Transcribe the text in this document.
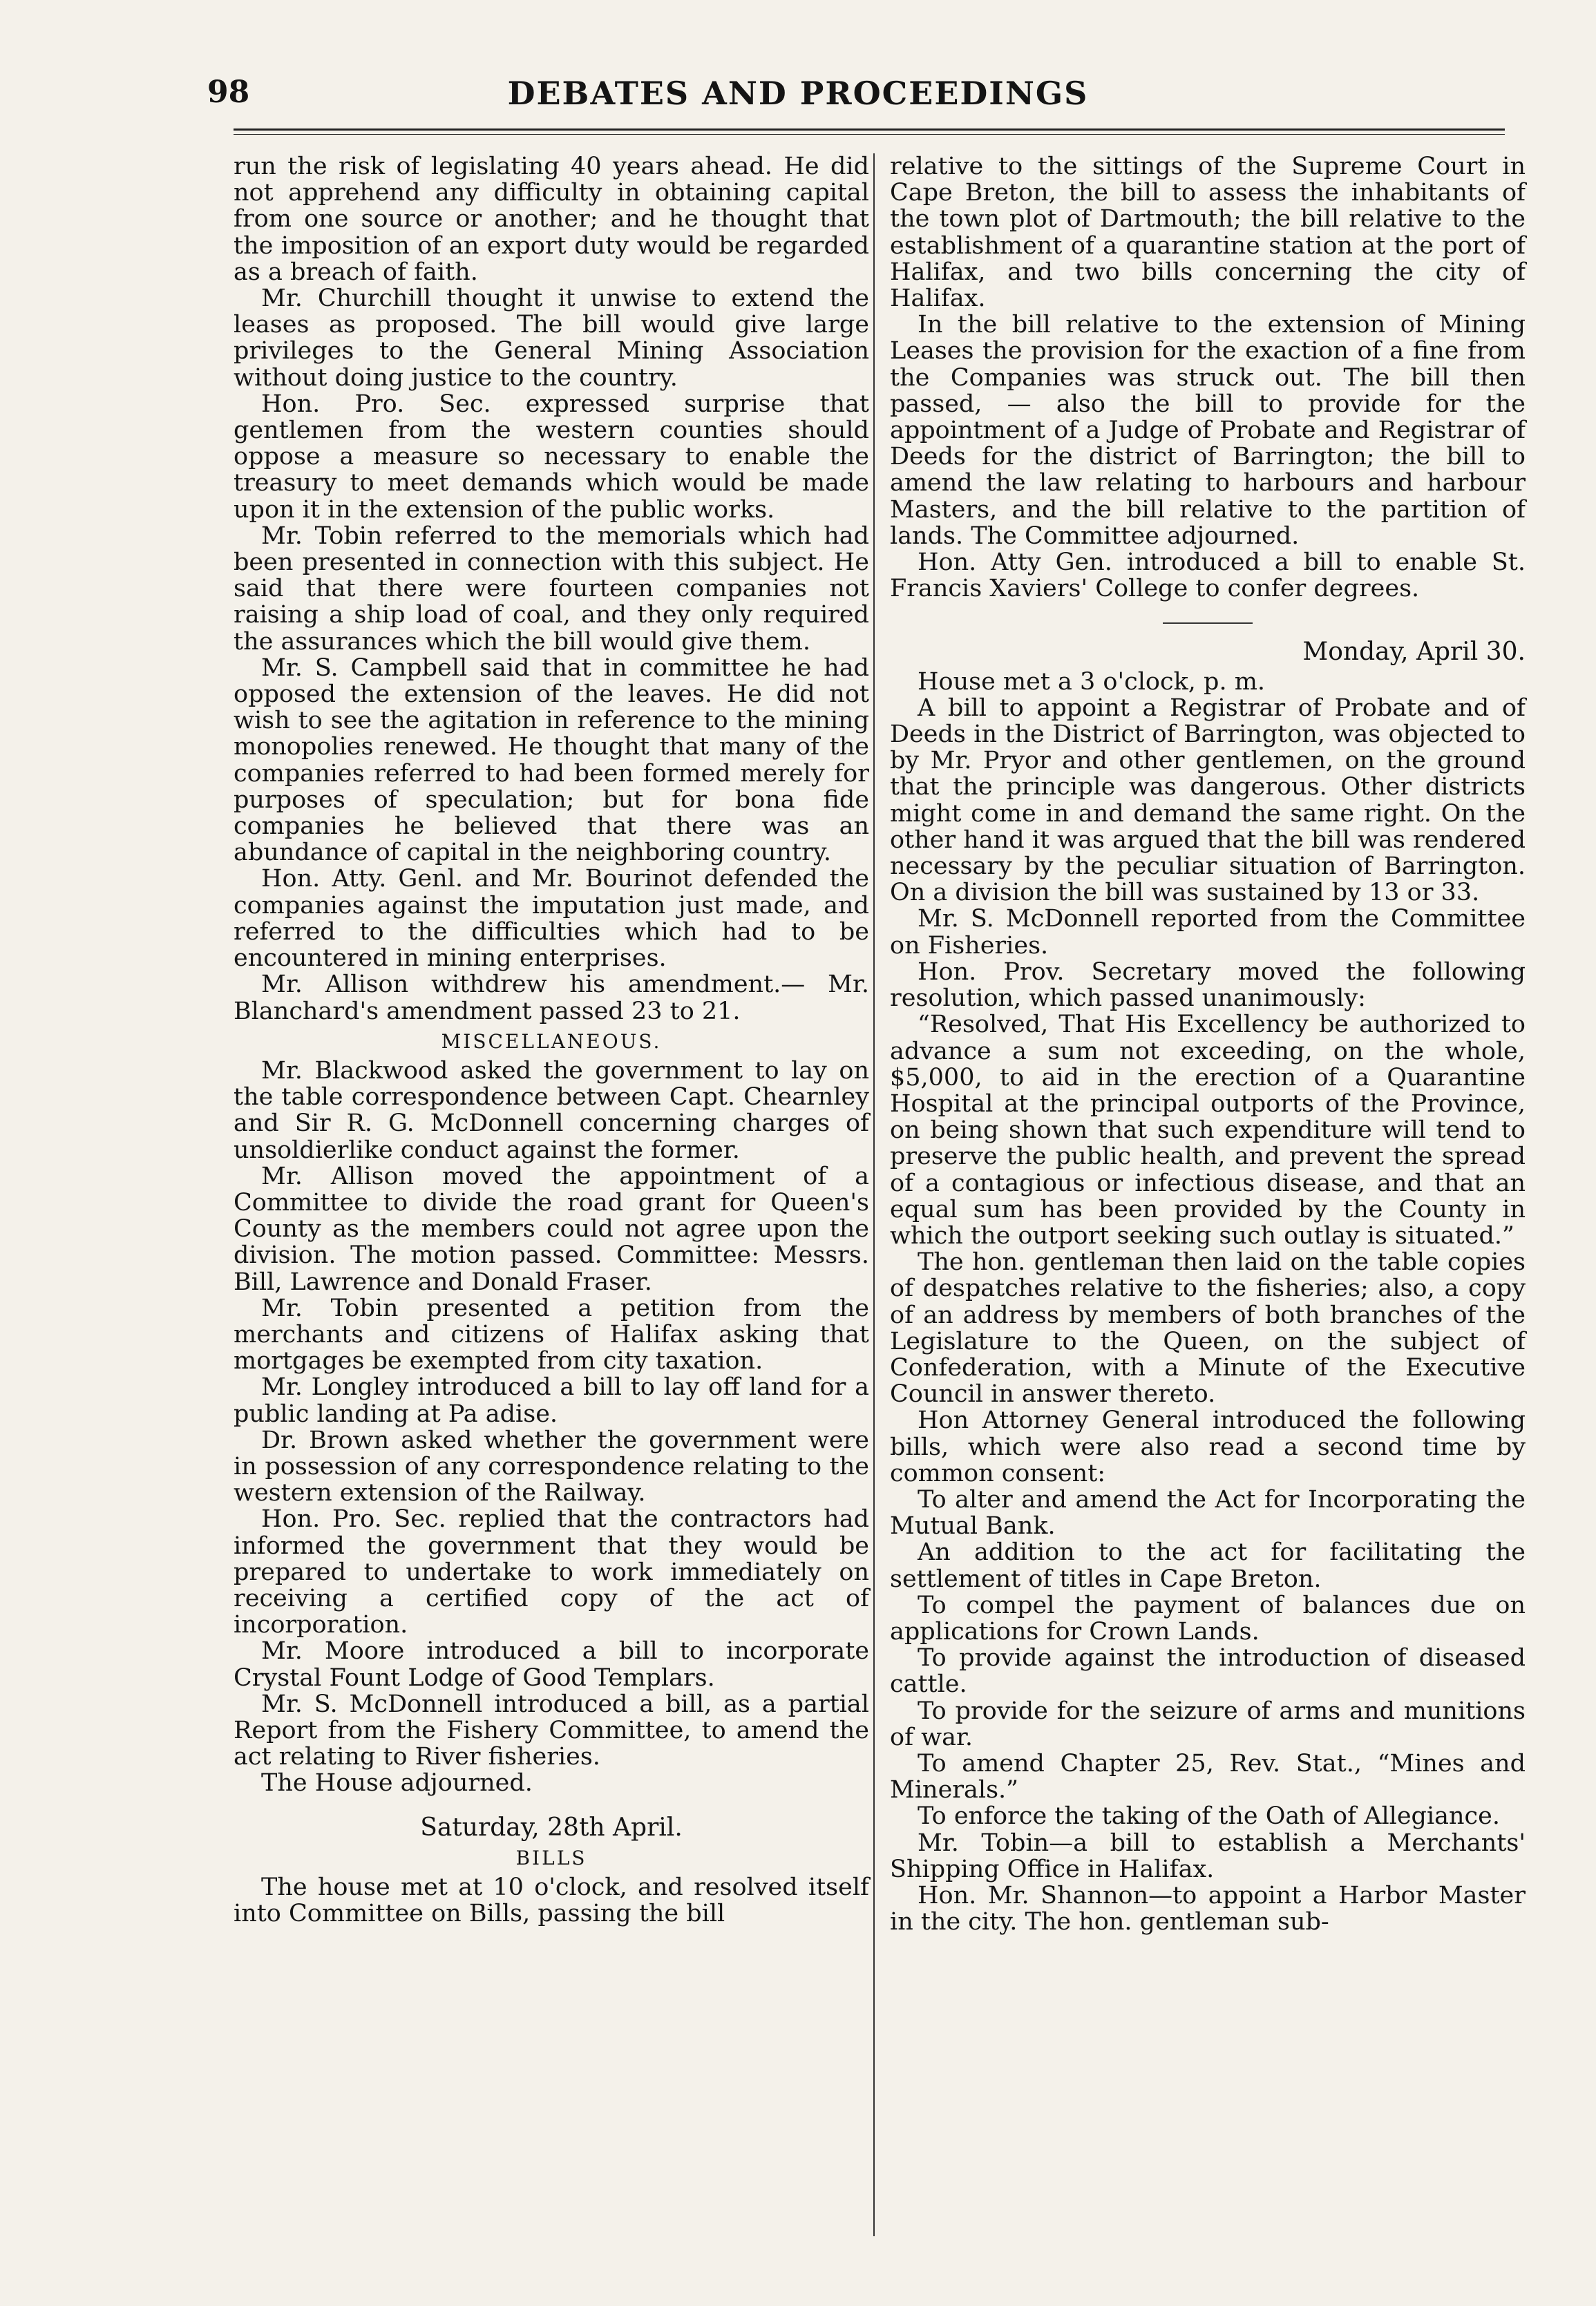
98	DEBATES AND PROCEEDINGS

run the risk of legislating 40 years ahead. He did not apprehend any difficulty in obtaining capital from one source or another; and he thought that the imposition of an export duty would be regarded as a breach of faith.

Mr. Churchill thought it unwise to extend the leases as proposed. The bill would give large privileges to the General Mining Association without doing justice to the country.

Hon. Pro. Sec. expressed surprise that gentlemen from the western counties should oppose a measure so necessary to enable the treasury to meet demands which would be made upon it in the extension of the public works.

Mr. Tobin referred to the memorials which had been presented in connection with this subject. He said that there were fourteen companies not raising a ship load of coal, and they only required the assurances which the bill would give them.

Mr. S. Campbell said that in committee he had opposed the extension of the leaves. He did not wish to see the agitation in reference to the mining monopolies renewed. He thought that many of the companies referred to had been formed merely for purposes of speculation; but for bona fide companies he believed that there was an abundance of capital in the neighboring country.

Hon. Atty. Genl. and Mr. Bourinot defended the companies against the imputation just made, and referred to the difficulties which had to be encountered in mining enterprises.

Mr. Allison withdrew his amendment.— Mr. Blanchard's amendment passed 23 to 21.

MISCELLANEOUS.

Mr. Blackwood asked the government to lay on the table correspondence between Capt. Chearnley and Sir R. G. McDonnell concerning charges of unsoldierlike conduct against the former.

Mr. Allison moved the appointment of a Committee to divide the road grant for Queen's County as the members could not agree upon the division. The motion passed. Committee: Messrs. Bill, Lawrence and Donald Fraser.

Mr. Tobin presented a petition from the merchants and citizens of Halifax asking that mortgages be exempted from city taxation.

Mr. Longley introduced a bill to lay off land for a public landing at Pa adise.

Dr. Brown asked whether the government were in possession of any correspondence relating to the western extension of the Railway.

Hon. Pro. Sec. replied that the contractors had informed the government that they would be prepared to undertake to work immediately on receiving a certified copy of the act of incorporation.

Mr. Moore introduced a bill to incorporate Crystal Fount Lodge of Good Templars.

Mr. S. McDonnell introduced a bill, as a partial Report from the Fishery Committee, to amend the act relating to River fisheries.

The House adjourned.

Saturday, 28th April.
BILLS

The house met at 10 o'clock, and resolved itself into Committee on Bills, passing the bill

relative to the sittings of the Supreme Court in Cape Breton, the bill to assess the inhabitants of the town plot of Dartmouth; the bill relative to the establishment of a quarantine station at the port of Halifax, and two bills concerning the city of Halifax.

In the bill relative to the extension of Mining Leases the provision for the exaction of a fine from the Companies was struck out. The bill then passed, — also the bill to provide for the appointment of a Judge of Probate and Registrar of Deeds for the district of Barrington; the bill to amend the law relating to harbours and harbour Masters, and the bill relative to the partition of lands. The Committee adjourned.

Hon. Atty Gen. introduced a bill to enable St. Francis Xaviers' College to confer degrees.

Monday, April 30.

House met a 3 o'clock, p. m.

A bill to appoint a Registrar of Probate and of Deeds in the District of Barrington, was objected to by Mr. Pryor and other gentlemen, on the ground that the principle was dangerous. Other districts might come in and demand the same right. On the other hand it was argued that the bill was rendered necessary by the peculiar situation of Barrington. On a division the bill was sustained by 13 or 33.

Mr. S. McDonnell reported from the Committee on Fisheries.

Hon. Prov. Secretary moved the following resolution, which passed unanimously:

“Resolved, That His Excellency be authorized to advance a sum not exceeding, on the whole, $5,000, to aid in the erection of a Quarantine Hospital at the principal outports of the Province, on being shown that such expenditure will tend to preserve the public health, and prevent the spread of a contagious or infectious disease, and that an equal sum has been provided by the County in which the outport seeking such outlay is situated.”

The hon. gentleman then laid on the table copies of despatches relative to the fisheries; also, a copy of an address by members of both branches of the Legislature to the Queen, on the subject of Confederation, with a Minute of the Executive Council in answer thereto.

Hon Attorney General introduced the following bills, which were also read a second time by common consent:

To alter and amend the Act for Incorporating the Mutual Bank.

An addition to the act for facilitating the settlement of titles in Cape Breton.

To compel the payment of balances due on applications for Crown Lands.

To provide against the introduction of diseased cattle.

To provide for the seizure of arms and munitions of war.

To amend Chapter 25, Rev. Stat., “Mines and Minerals.”

To enforce the taking of the Oath of Allegiance.

Mr. Tobin—a bill to establish a Merchants' Shipping Office in Halifax.

Hon. Mr. Shannon—to appoint a Harbor Master in the city. The hon. gentleman sub-
